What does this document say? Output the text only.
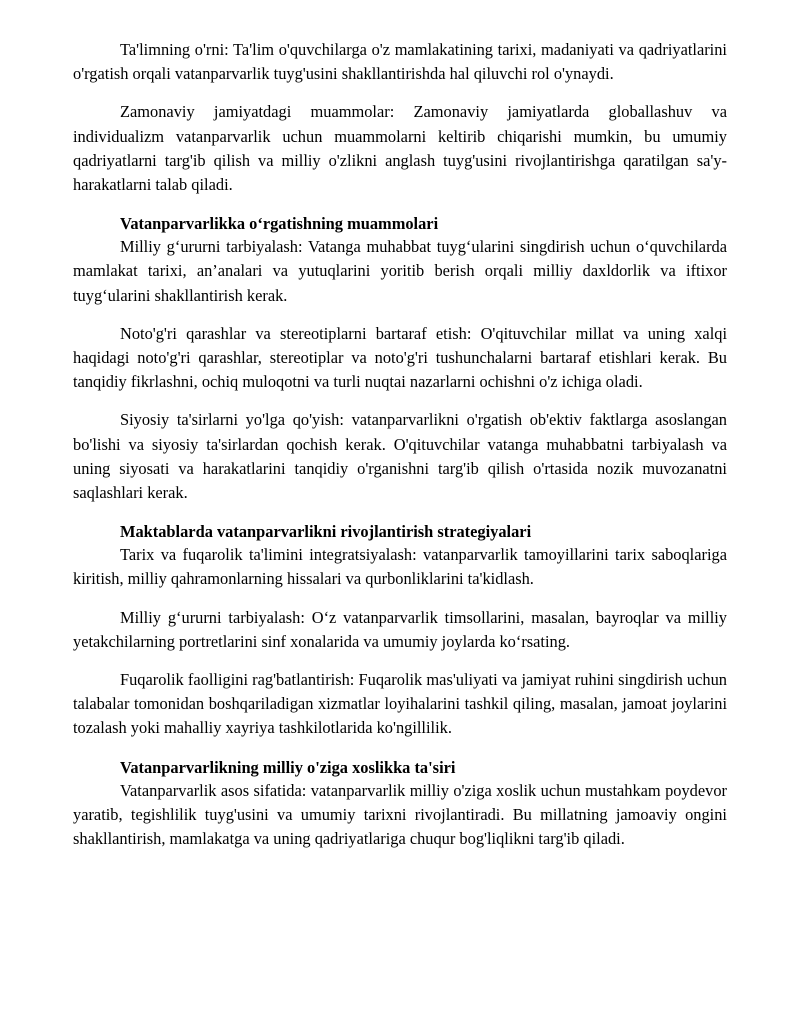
Ta'limning o'rni: Ta'lim o'quvchilarga o'z mamlakatining tarixi, madaniyati va qadriyatlarini o'rgatish orqali vatanparvarlik tuyg'usini shakllantirishda hal qiluvchi rol o'ynaydi.

Zamonaviy jamiyatdagi muammolar: Zamonaviy jamiyatlarda globallashuv va individualizm vatanparvarlik uchun muammolarni keltirib chiqarishi mumkin, bu umumiy qadriyatlarni targ'ib qilish va milliy o'zlikni anglash tuyg'usini rivojlantirishga qaratilgan sa'y-harakatlarni talab qiladi.

Vatanparvarlikka o‘rgatishning muammolari

Milliy g‘ururni tarbiyalash: Vatanga muhabbat tuyg‘ularini singdirish uchun o‘quvchilarda mamlakat tarixi, an’analari va yutuqlarini yoritib berish orqali milliy daxldorlik va iftixor tuyg‘ularini shakllantirish kerak.

Noto'g'ri qarashlar va stereotiplarni bartaraf etish: O'qituvchilar millat va uning xalqi haqidagi noto'g'ri qarashlar, stereotiplar va noto'g'ri tushunchalarni bartaraf etishlari kerak. Bu tanqidiy fikrlashni, ochiq muloqotni va turli nuqtai nazarlarni ochishni o'z ichiga oladi.

Siyosiy ta'sirlarni yo'lga qo'yish: vatanparvarlikni o'rgatish ob'ektiv faktlarga asoslangan bo'lishi va siyosiy ta'sirlardan qochish kerak. O'qituvchilar vatanga muhabbatni tarbiyalash va uning siyosati va harakatlarini tanqidiy o'rganishni targ'ib qilish o'rtasida nozik muvozanatni saqlashlari kerak.

Maktablarda vatanparvarlikni rivojlantirish strategiyalari

Tarix va fuqarolik ta'limini integratsiyalash: vatanparvarlik tamoyillarini tarix saboqlariga kiritish, milliy qahramonlarning hissalari va qurbonliklarini ta'kidlash.

Milliy g‘ururni tarbiyalash: O‘z vatanparvarlik timsollarini, masalan, bayroqlar va milliy yetakchilarning portretlarini sinf xonalarida va umumiy joylarda ko‘rsating.

Fuqarolik faolligini rag'batlantirish: Fuqarolik mas'uliyati va jamiyat ruhini singdirish uchun talabalar tomonidan boshqariladigan xizmatlar loyihalarini tashkil qiling, masalan, jamoat joylarini tozalash yoki mahalliy xayriya tashkilotlarida ko'ngillilik.

Vatanparvarlikning milliy o'ziga xoslikka ta'siri

Vatanparvarlik asos sifatida: vatanparvarlik milliy o'ziga xoslik uchun mustahkam poydevor yaratib, tegishlilik tuyg'usini va umumiy tarixni rivojlantiradi. Bu millatning jamoaviy ongini shakllantirish, mamlakatga va uning qadriyatlariga chuqur bog'liqlikni targ'ib qiladi.
